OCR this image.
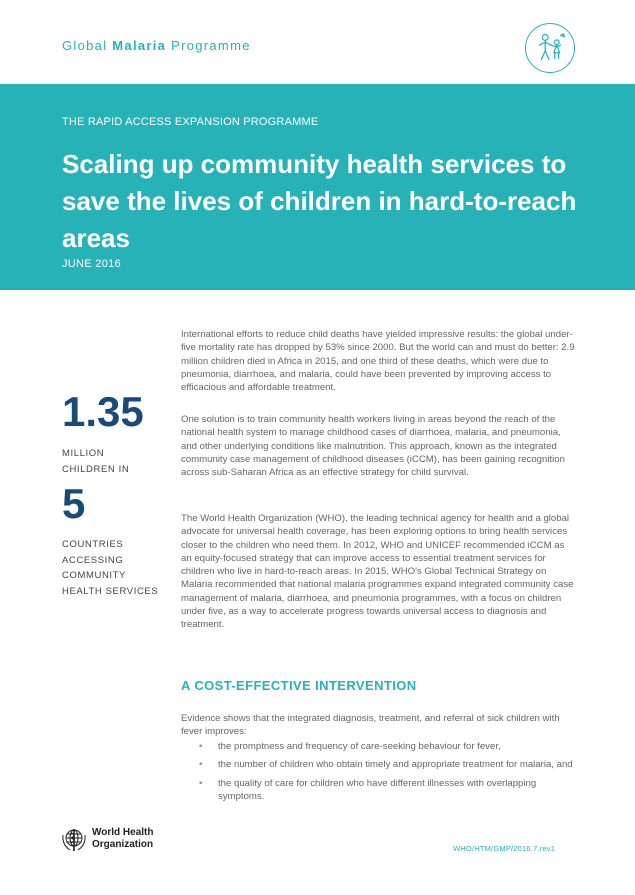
Global Malaria Programme
THE RAPID ACCESS EXPANSION PROGRAMME
Scaling up community health services to save the lives of children in hard-to-reach areas
JUNE 2016
1.35
MILLION
CHILDREN IN
5
COUNTRIES
ACCESSING
COMMUNITY
HEALTH SERVICES

International efforts to reduce child deaths have yielded impressive results: the global under-five mortality rate has dropped by 53% since 2000. But the world can and must do better: 2.9 million children died in Africa in 2015, and one third of these deaths, which were due to pneumonia, diarrhoea, and malaria, could have been prevented by improving access to efficacious and affordable treatment.

One solution is to train community health workers living in areas beyond the reach of the national health system to manage childhood cases of diarrhoea, malaria, and pneumonia, and other underlying conditions like malnutrition. This approach, known as the integrated community case management of childhood diseases (iCCM), has been gaining recognition across sub-Saharan Africa as an effective strategy for child survival.

The World Health Organization (WHO), the leading technical agency for health and a global advocate for universal health coverage, has been exploring options to bring health services closer to the children who need them. In 2012, WHO and UNICEF recommended iCCM as an equity-focused strategy that can improve access to essential treatment services for children who live in hard-to-reach areas. In 2015, WHO's Global Technical Strategy on Malaria recommended that national malaria programmes expand integrated community case management of malaria, diarrhoea, and pneumonia programmes, with a focus on children under five, as a way to accelerate progress towards universal access to diagnosis and treatment.

A COST-EFFECTIVE INTERVENTION

Evidence shows that the integrated diagnosis, treatment, and referral of sick children with fever improves:

• the promptness and frequency of care-seeking behaviour for fever,
• the number of children who obtain timely and appropriate treatment for malaria, and
• the quality of care for children who have different illnesses with overlapping symptoms.
World Health
Organization	WHO/HTM/GMP/2016.7.rev1
